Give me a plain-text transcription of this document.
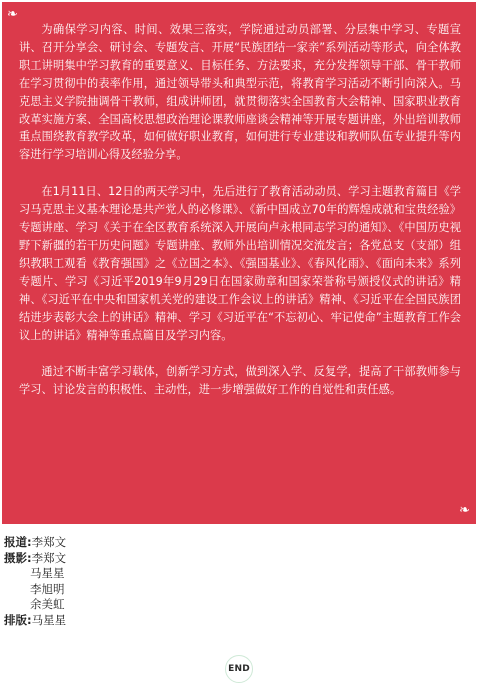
❧

为确保学习内容、时间、效果三落实，学院通过动员部署、分层集中学习、专题宣讲、召开分享会、研讨会、专题发言、开展“民族团结一家亲”系列活动等形式，向全体教职工讲明集中学习教育的重要意义、目标任务、方法要求，充分发挥领导干部、骨干教师在学习贯彻中的表率作用，通过领导带头和典型示范，将教育学习活动不断引向深入。马克思主义学院抽调骨干教师，组成讲师团，就贯彻落实全国教育大会精神、国家职业教育改革实施方案、全国高校思想政治理论课教师座谈会精神等开展专题讲座，外出培训教师重点围绕教育教学改革，如何做好职业教育，如何进行专业建设和教师队伍专业提升等内容进行学习培训心得及经验分享。

在1月11日、12日的两天学习中，先后进行了教育活动动员、学习主题教育篇目《学习马克思主义基本理论是共产党人的必修课》、《新中国成立70年的辉煌成就和宝贵经验》专题讲座、学习《关于在全区教育系统深入开展向卢永根同志学习的通知》、《中国历史视野下新疆的若干历史问题》专题讲座、教师外出培训情况交流发言；各党总支（支部）组织教职工观看《教育强国》之《立国之本》、《强国基业》、《春风化雨》、《面向未来》系列专题片、学习《习近平2019年9月29日在国家勋章和国家荣誉称号颁授仪式的讲话》精神、《习近平在中央和国家机关党的建设工作会议上的讲话》精神、《习近平在全国民族团结进步表彰大会上的讲话》精神、学习《习近平在“不忘初心、牢记使命”主题教育工作会议上的讲话》精神等重点篇目及学习内容。

通过不断丰富学习载体，创新学习方式，做到深入学、反复学，提高了干部教师参与学习、讨论发言的积极性、主动性，进一步增强做好工作的自觉性和责任感。

❧
报道:李郑文
摄影:李郑文
马星星
李旭明
余美虹
排版:马星星
END
